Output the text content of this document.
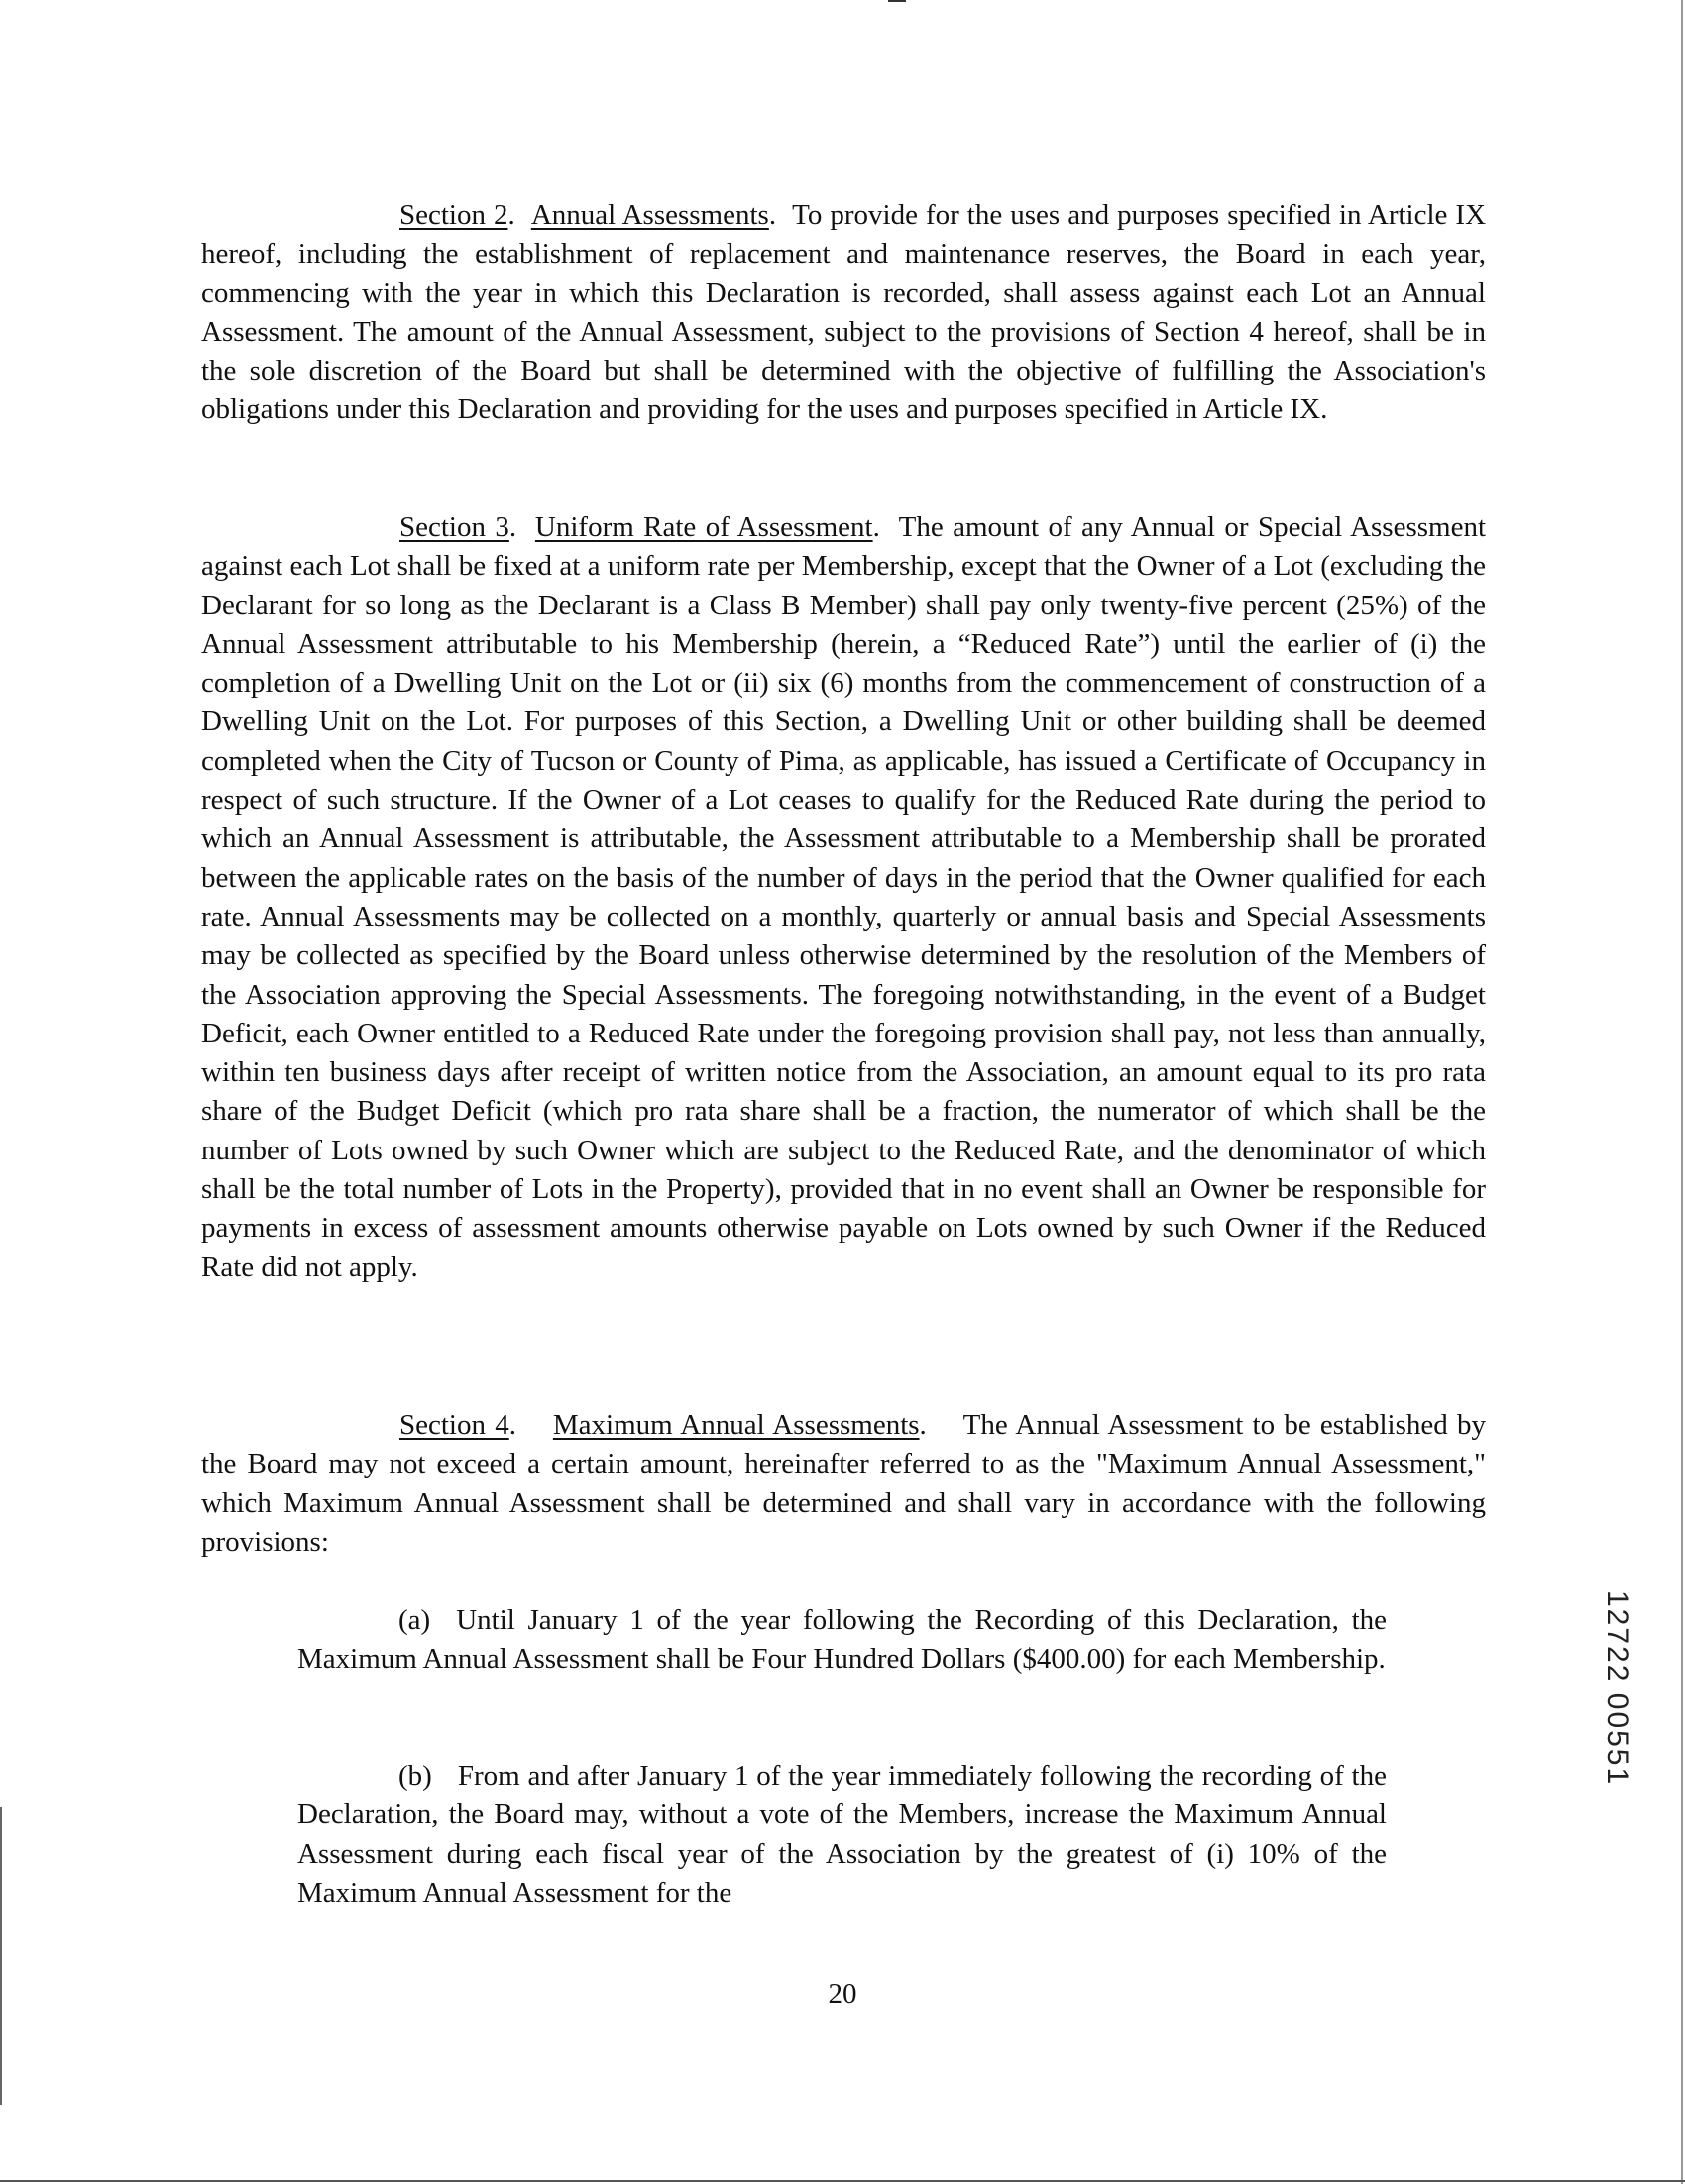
Section 2.  Annual Assessments.  To provide for the uses and purposes specified in Article IX hereof, including the establishment of replacement and maintenance reserves, the Board in each year, commencing with the year in which this Declaration is recorded, shall assess against each Lot an Annual Assessment. The amount of the Annual Assessment, subject to the provisions of Section 4 hereof, shall be in the sole discretion of the Board but shall be determined with the objective of fulfilling the Association's obligations under this Declaration and providing for the uses and purposes specified in Article IX.

Section 3.  Uniform Rate of Assessment.  The amount of any Annual or Special Assessment against each Lot shall be fixed at a uniform rate per Membership, except that the Owner of a Lot (excluding the Declarant for so long as the Declarant is a Class B Member) shall pay only twenty-five percent (25%) of the Annual Assessment attributable to his Membership (herein, a “Reduced Rate”) until the earlier of (i) the completion of a Dwelling Unit on the Lot or (ii) six (6) months from the commencement of construction of a Dwelling Unit on the Lot. For purposes of this Section, a Dwelling Unit or other building shall be deemed completed when the City of Tucson or County of Pima, as applicable, has issued a Certificate of Occupancy in respect of such structure. If the Owner of a Lot ceases to qualify for the Reduced Rate during the period to which an Annual Assessment is attributable, the Assessment attributable to a Membership shall be prorated between the applicable rates on the basis of the number of days in the period that the Owner qualified for each rate. Annual Assessments may be collected on a monthly, quarterly or annual basis and Special Assessments may be collected as specified by the Board unless otherwise determined by the resolution of the Members of the Association approving the Special Assessments. The foregoing notwithstanding, in the event of a Budget Deficit, each Owner entitled to a Reduced Rate under the foregoing provision shall pay, not less than annually, within ten business days after receipt of written notice from the Association, an amount equal to its pro rata share of the Budget Deficit (which pro rata share shall be a fraction, the numerator of which shall be the number of Lots owned by such Owner which are subject to the Reduced Rate, and the denominator of which shall be the total number of Lots in the Property), provided that in no event shall an Owner be responsible for payments in excess of assessment amounts otherwise payable on Lots owned by such Owner if the Reduced Rate did not apply.

Section 4.    Maximum Annual Assessments.    The Annual Assessment to be established by the Board may not exceed a certain amount, hereinafter referred to as the "Maximum Annual Assessment," which Maximum Annual Assessment shall be determined and shall vary in accordance with the following provisions:

(a) Until January 1 of the year following the Recording of this Declaration, the Maximum Annual Assessment shall be Four Hundred Dollars ($400.00) for each Membership.

(b) From and after January 1 of the year immediately following the recording of the Declaration, the Board may, without a vote of the Members, increase the Maximum Annual Assessment during each fiscal year of the Association by the greatest of (i) 10% of the Maximum Annual Assessment for the

20
12722 00551
